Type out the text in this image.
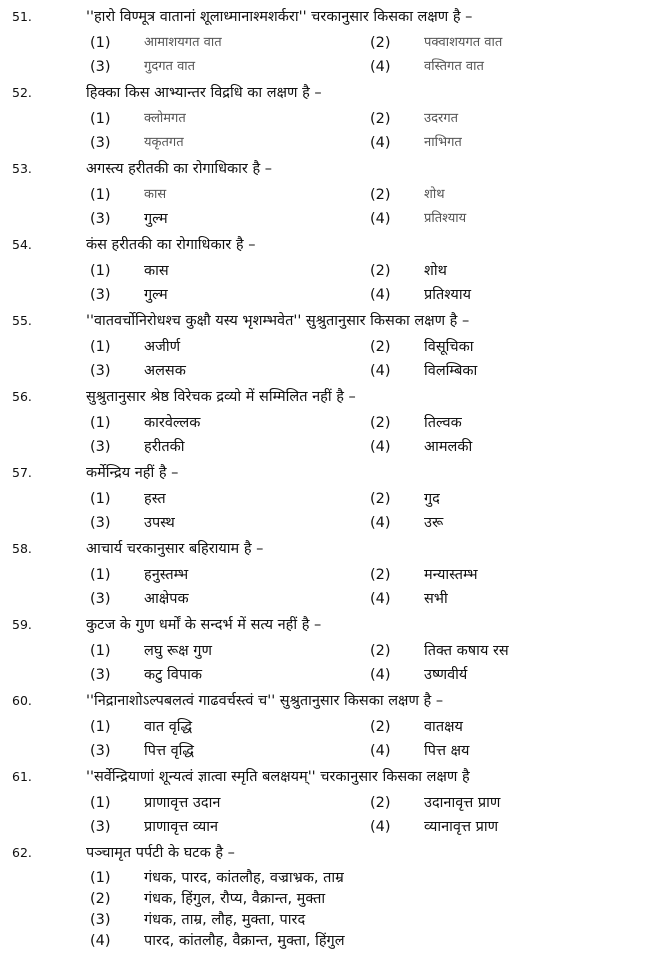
51.	''हारो विण्मूत्र वातानां शूलाध्मानाश्मशर्करा'' चरकानुसार किसका लक्षण है –
(1)	आमाशयगत वात	(2)	पक्वाशयगत वात
(3)	गुदगत वात	(4)	वस्तिगत वात
52.	हिक्का किस आभ्यान्तर विद्रधि का लक्षण है –
(1)	क्लोमगत	(2)	उदरगत
(3)	यकृतगत	(4)	नाभिगत
53.	अगस्त्य हरीतकी का रोगाधिकार है –
(1)	कास	(2)	शोथ
(3) गुल्म	(4)	प्रतिश्याय
54.	कंस हरीतकी का रोगाधिकार है –
(1) कास	(2) शोथ
(3) गुल्म	(4) प्रतिश्याय
55.	''वातवर्चोनिरोधश्च कुक्षौ यस्य भृशम्भवेत'' सुश्रुतानुसार किसका लक्षण है –
(1) अजीर्ण	(2) विसूचिका
(3) अलसक	(4) विलम्बिका
56.	सुश्रुतानुसार श्रेष्ठ विरेचक द्रव्यो में सम्मिलित नहीं है –
(1) कारवेल्लक	(2) तिल्वक
(3) हरीतकी	(4) आमलकी
57.	कर्मेन्द्रिय नहीं है –
(1) हस्त	(2) गुद
(3) उपस्थ	(4) उरू
58.	आचार्य चरकानुसार बहिरायाम है –
(1) हनुस्तम्भ	(2) मन्यास्तम्भ
(3) आक्षेपक	(4) सभी
59.	कुटज के गुण धर्मों के सन्दर्भ में सत्य नहीं है –
(1) लघु रूक्ष गुण	(2) तिक्त कषाय रस
(3) कटु विपाक	(4) उष्णवीर्य
60.	''निद्रानाशोऽल्पबलत्वं गाढवर्चस्त्वं च'' सुश्रुतानुसार किसका लक्षण है –
(1) वात वृद्धि	(2) वातक्षय
(3) पित्त वृद्धि	(4) पित्त क्षय
61.	''सर्वेन्द्रियाणां शून्यत्वं ज्ञात्वा स्मृति बलक्षयम्'' चरकानुसार किसका लक्षण है
(1) प्राणावृत्त उदान	(2) उदानावृत्त प्राण
(3) प्राणावृत्त व्यान	(4) व्यानावृत्त प्राण
62.	पञ्चामृत पर्पटी के घटक है –
(1) गंधक, पारद, कांतलौह, वज्राभ्रक, ताम्र
(2) गंधक, हिंगुल, रौप्य, वैक्रान्त, मुक्ता
(3) गंधक, ताम्र, लौह, मुक्ता, पारद
(4) पारद, कांतलौह, वैक्रान्त, मुक्ता, हिंगुल
